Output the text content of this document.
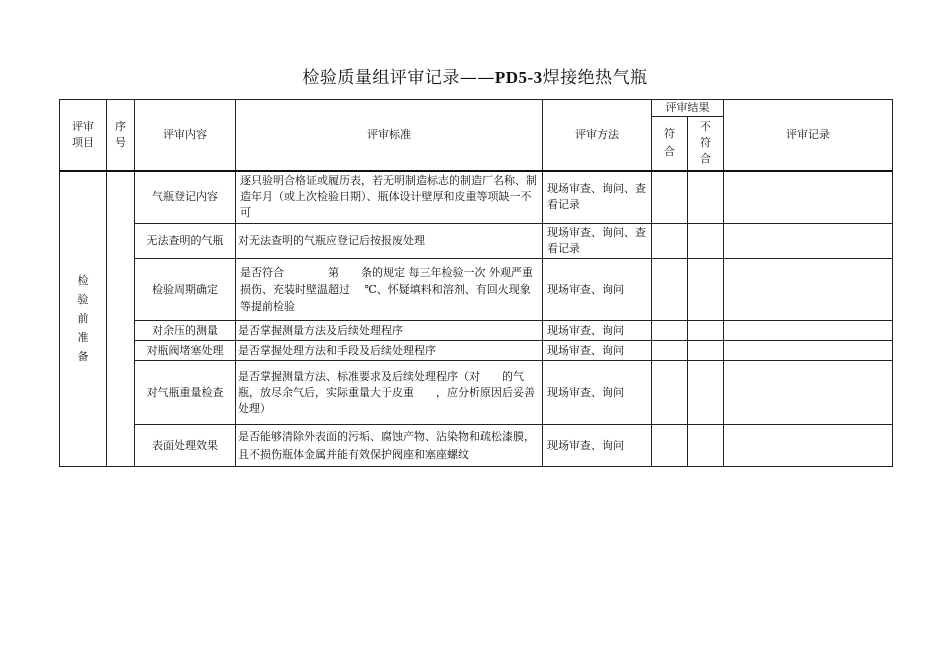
检验质量组评审记录——PD5-3焊接绝热气瓶
评审项目	序号	评审内容	评审标准	评审方法	评审结果		评审记录

					符合	不符合	

检验前准备		气瓶登记内容	逐只验明合格证或履历表，若无明制造标志的制造厂名称、制造年月（或上次检验日期）、瓶体设计壁厚和皮重等项缺一不可	现场审查、询问、查看记录			
		无法查明的气瓶	对无法查明的气瓶应登记后按报废处理	现场审查、询问、查看记录			
		检验周期确定	是否符合　　　　第　　条的规定 每三年检验一次 外观严重损伤、充装时壁温超过　 ℃、怀疑填料和溶剂、有回火现象等提前检验	现场审查、询问			
		对余压的测量	是否掌握测量方法及后续处理程序	现场审查、询问			
		对瓶阀堵塞处理	是否掌握处理方法和手段及后续处理程序	现场审查、询问			
		对气瓶重量检查	是否掌握测量方法、标准要求及后续处理程序（对　　的气瓶，放尽余气后，实际重量大于皮重　　，应分析原因后妥善处理）	现场审查、询问			
		表面处理效果	是否能够清除外表面的污垢、腐蚀产物、沾染物和疏松漆膜，且不损伤瓶体金属并能有效保护阀座和塞座螺纹	现场审查、询问			
